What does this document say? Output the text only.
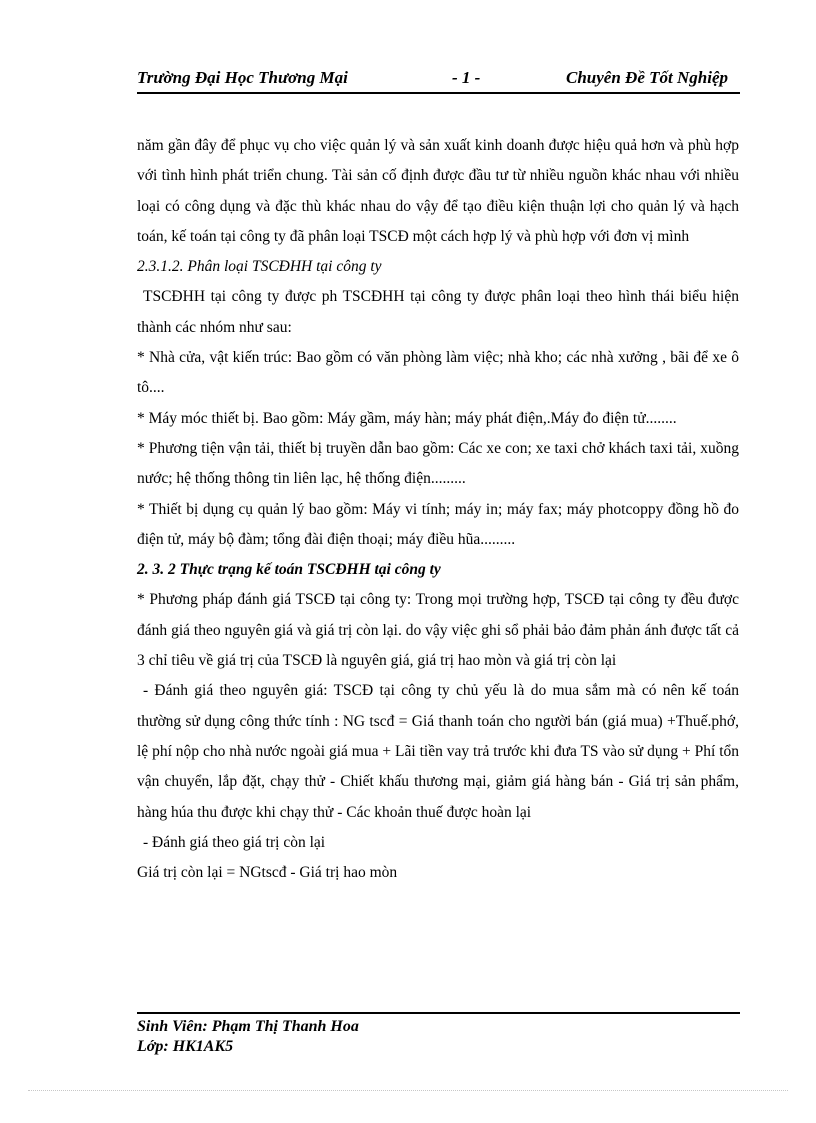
Trường Đại Học Thương Mại	- 1 -	Chuyên Đề Tốt Nghiệp

năm gần đây để phục vụ cho việc quản lý và sản xuất kinh doanh được hiệu quả hơn và phù hợp với tình hình phát triển chung. Tài sản cố định được đầu tư từ nhiều nguồn khác nhau với nhiều loại có công dụng và đặc thù khác nhau do vậy để tạo điều kiện thuận lợi cho quản lý và hạch toán, kế toán tại công ty đã phân loại TSCĐ một cách hợp lý và phù hợp với đơn vị mình

2.3.1.2. Phân loại TSCĐHH tại công ty

TSCĐHH tại công ty được ph TSCĐHH tại công ty được phân loại theo hình thái biểu hiện thành các nhóm như sau:

* Nhà cửa, vật kiến trúc: Bao gồm có văn phòng làm việc; nhà kho; các nhà xưởng , bãi để xe ô tô....

* Máy móc thiết bị. Bao gồm: Máy gầm, máy hàn; máy phát điện,.Máy đo điện tử........

* Phương tiện vận tải, thiết bị truyền dẫn bao gồm: Các xe con; xe taxi chở khách taxi tải, xuồng nước; hệ thống thông tin liên lạc, hệ thống điện.........

* Thiết bị dụng cụ quản lý bao gồm: Máy vi tính; máy in; máy fax; máy photcoppy đồng hồ đo điện tử, máy bộ đàm; tổng đài điện thoại; máy điều hũa.........

2. 3. 2 Thực trạng kế toán TSCĐHH tại công ty

* Phương pháp đánh giá TSCĐ tại công ty: Trong mọi trường hợp, TSCĐ tại công ty đều được đánh giá theo nguyên giá và giá trị còn lại. do vậy việc ghi sổ phải bảo đảm phản ánh được tất cả 3 chỉ tiêu về giá trị của TSCĐ là nguyên giá, giá trị hao mòn và giá trị còn lại

- Đánh giá theo nguyên giá: TSCĐ tại công ty chủ yếu là do mua sắm mà có nên kế toán thường sử dụng công thức tính : NG tscđ = Giá thanh toán cho người bán (giá mua) +Thuế.phớ, lệ phí nộp cho nhà nước ngoài giá mua + Lãi tiền vay trả trước khi đưa TS vào sử dụng + Phí tổn vận chuyển, lắp đặt, chạy thử - Chiết khấu thương mại, giảm giá hàng bán - Giá trị sản phẩm, hàng húa thu được khi chạy thử - Các khoản thuế được hoàn lại

- Đánh giá theo giá trị còn lại

Giá trị còn lại = NGtscđ - Giá trị hao mòn

Sinh Viên: Phạm Thị Thanh Hoa
Lớp: HK1AK5
